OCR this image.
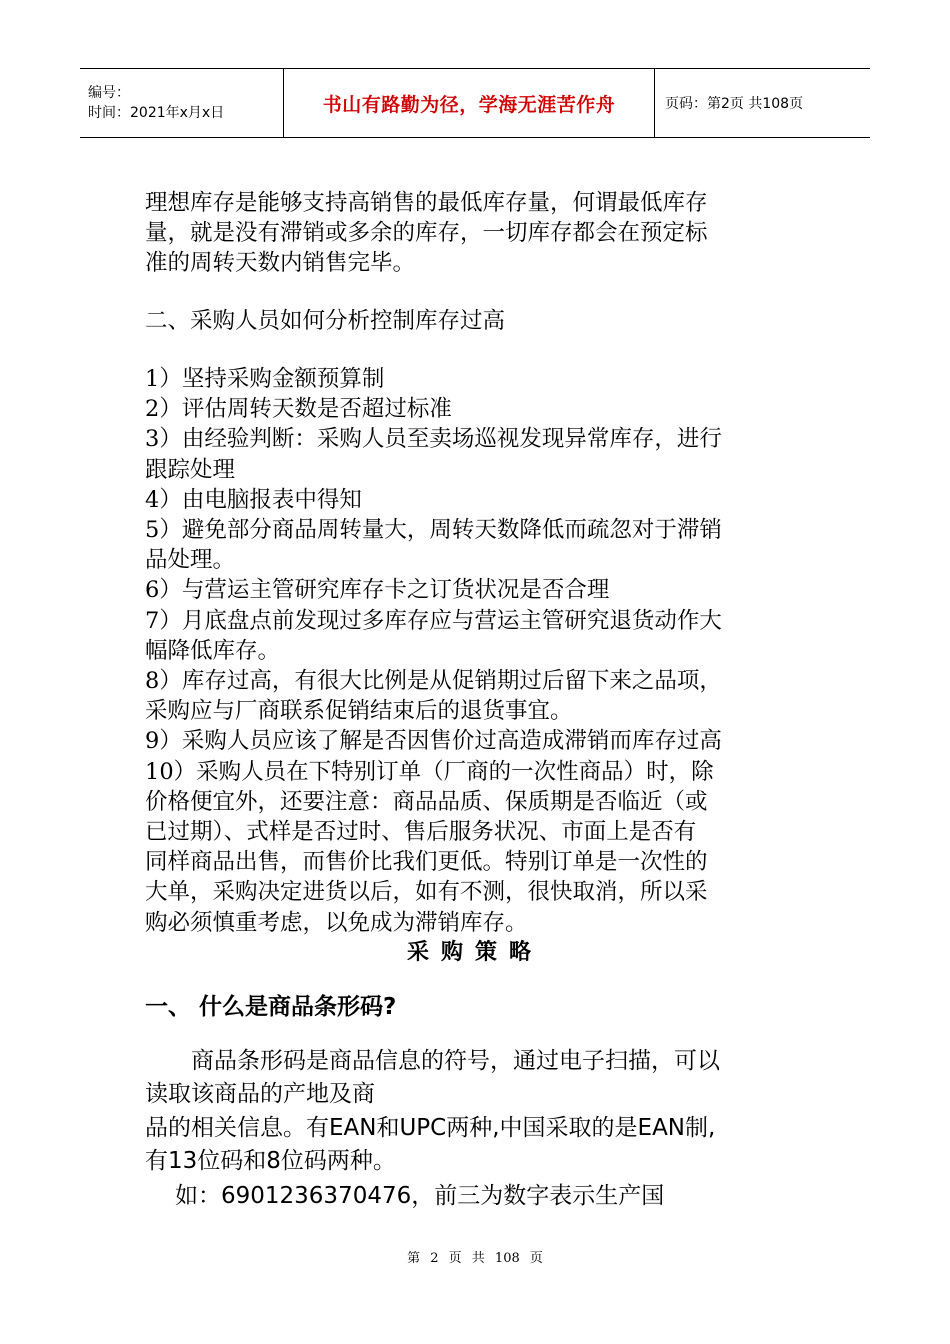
编号：
时间：2021年x月x日	书山有路勤为径，学海无涯苦作舟	页码：第2页 共108页

理想库存是能够支持高销售的最低库存量，何谓最低库存

量，就是没有滞销或多余的库存，一切库存都会在预定标

准的周转天数内销售完毕。

二、采购人员如何分析控制库存过高

1）坚持采购金额预算制

2）评估周转天数是否超过标准

3）由经验判断：采购人员至卖场巡视发现异常库存，进行

跟踪处理

4）由电脑报表中得知

5）避免部分商品周转量大，周转天数降低而疏忽对于滞销

品处理。

6）与营运主管研究库存卡之订货状况是否合理

7）月底盘点前发现过多库存应与营运主管研究退货动作大

幅降低库存。

8）库存过高，有很大比例是从促销期过后留下来之品项，

采购应与厂商联系促销结束后的退货事宜。

9）采购人员应该了解是否因售价过高造成滞销而库存过高

10）采购人员在下特别订单（厂商的一次性商品）时，除

价格便宜外，还要注意：商品品质、保质期是否临近（或

已过期）、式样是否过时、售后服务状况、市面上是否有

同样商品出售，而售价比我们更低。特别订单是一次性的

大单，采购决定进货以后，如有不测，很快取消，所以采

购必须慎重考虑，以免成为滞销库存。

采购策略
一、 什么是商品条形码?

　　商品条形码是商品信息的符号，通过电子扫描，可以

读取该商品的产地及商

品的相关信息。有EAN和UPC两种,中国采取的是EAN制,

有13位码和8位码两种。

如：6901236370476，前三为数字表示生产国

第 2 页 共 108 页
